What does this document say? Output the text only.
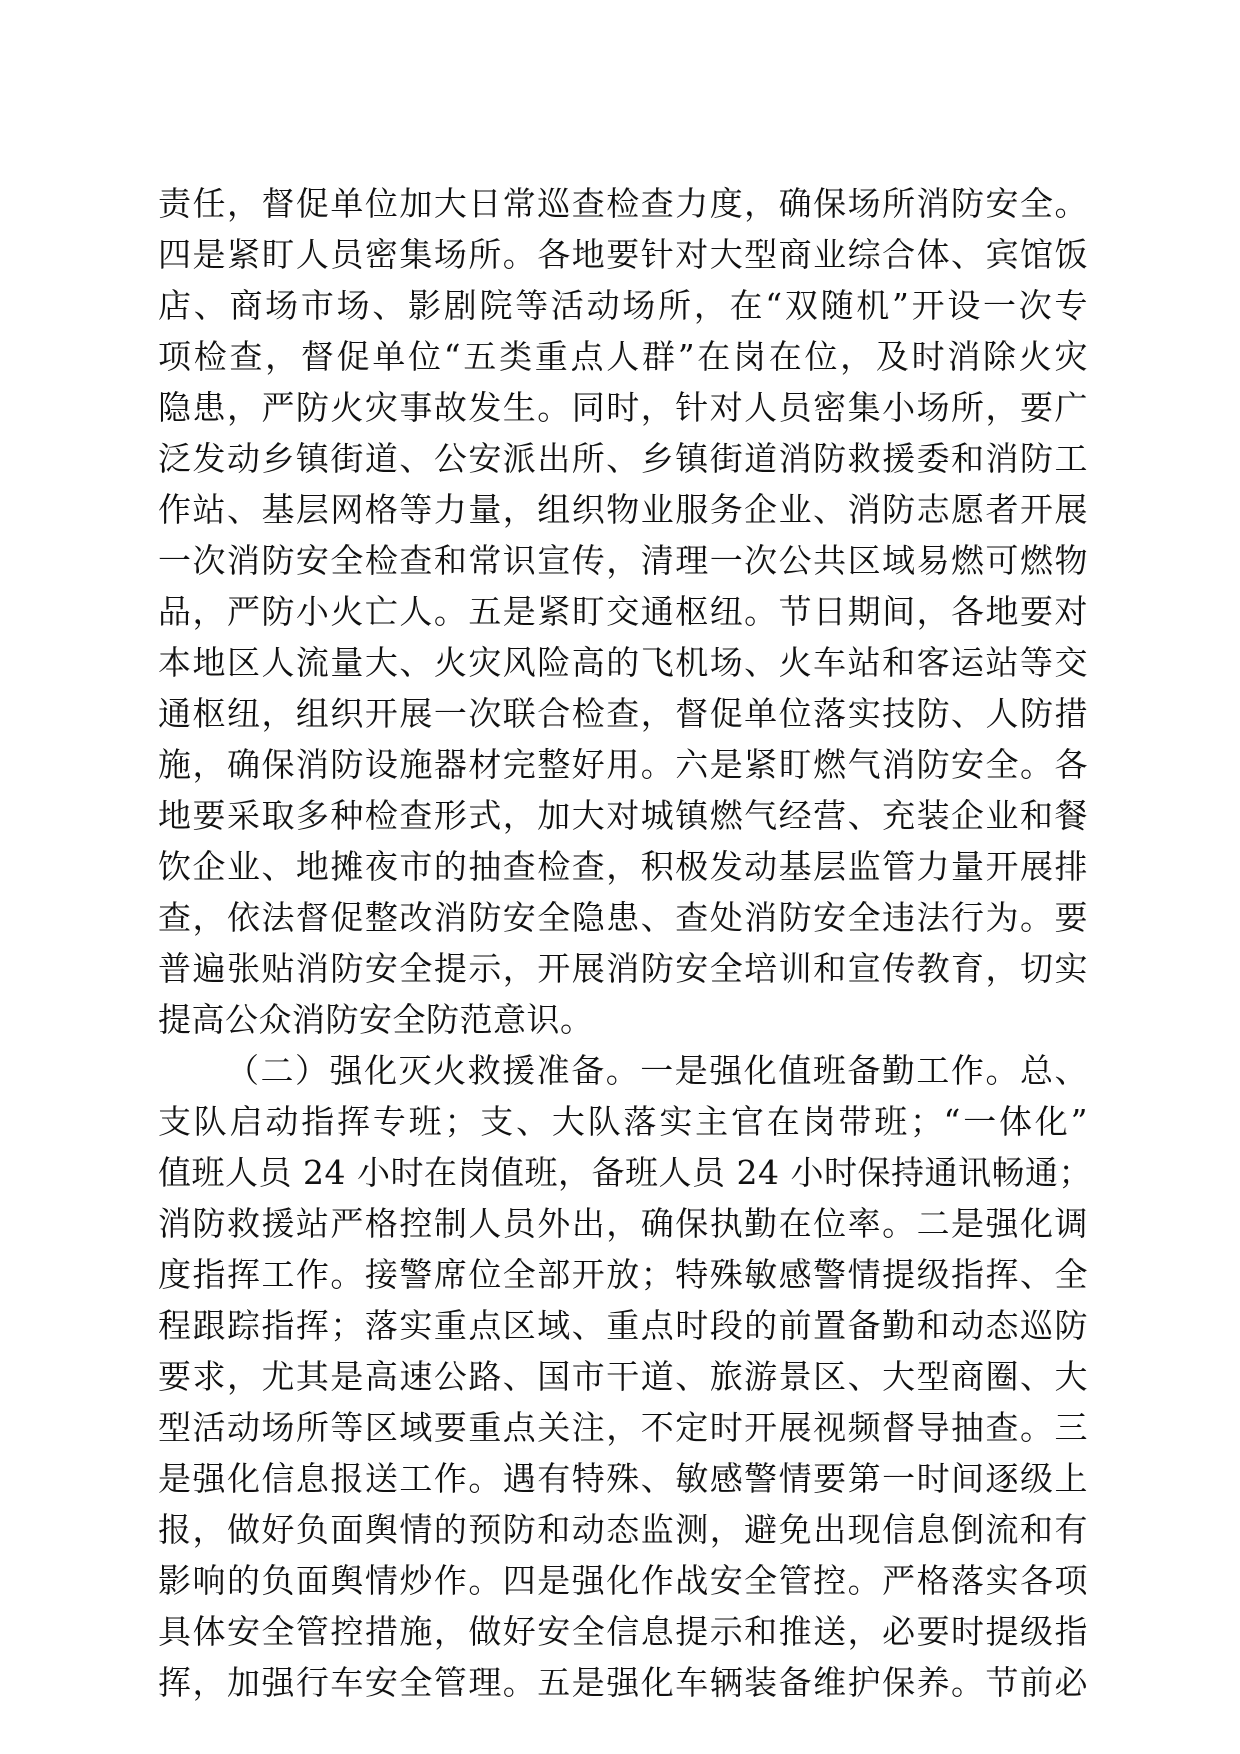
责任，督促单位加大日常巡查检查力度，确保场所消防安全。
四是紧盯人员密集场所。各地要针对大型商业综合体、宾馆饭
店、商场市场、影剧院等活动场所，在“双随机”开设一次专
项检查，督促单位“五类重点人群”在岗在位，及时消除火灾
隐患，严防火灾事故发生。同时，针对人员密集小场所，要广
泛发动乡镇街道、公安派出所、乡镇街道消防救援委和消防工
作站、基层网格等力量，组织物业服务企业、消防志愿者开展
一次消防安全检查和常识宣传，清理一次公共区域易燃可燃物
品，严防小火亡人。五是紧盯交通枢纽。节日期间，各地要对
本地区人流量大、火灾风险高的飞机场、火车站和客运站等交
通枢纽，组织开展一次联合检查，督促单位落实技防、人防措
施，确保消防设施器材完整好用。六是紧盯燃气消防安全。各
地要采取多种检查形式，加大对城镇燃气经营、充装企业和餐
饮企业、地摊夜市的抽查检查，积极发动基层监管力量开展排
查，依法督促整改消防安全隐患、查处消防安全违法行为。要
普遍张贴消防安全提示，开展消防安全培训和宣传教育，切实
提高公众消防安全防范意识。
（二）强化灭火救援准备。一是强化值班备勤工作。总、
支队启动指挥专班；支、大队落实主官在岗带班；“一体化”
值班人员 24 小时在岗值班，备班人员 24 小时保持通讯畅通；
消防救援站严格控制人员外出，确保执勤在位率。二是强化调
度指挥工作。接警席位全部开放；特殊敏感警情提级指挥、全
程跟踪指挥；落实重点区域、重点时段的前置备勤和动态巡防
要求，尤其是高速公路、国市干道、旅游景区、大型商圈、大
型活动场所等区域要重点关注，不定时开展视频督导抽查。三
是强化信息报送工作。遇有特殊、敏感警情要第一时间逐级上
报，做好负面舆情的预防和动态监测，避免出现信息倒流和有
影响的负面舆情炒作。四是强化作战安全管控。严格落实各项
具体安全管控措施，做好安全信息提示和推送，必要时提级指
挥，加强行车安全管理。五是强化车辆装备维护保养。节前必
